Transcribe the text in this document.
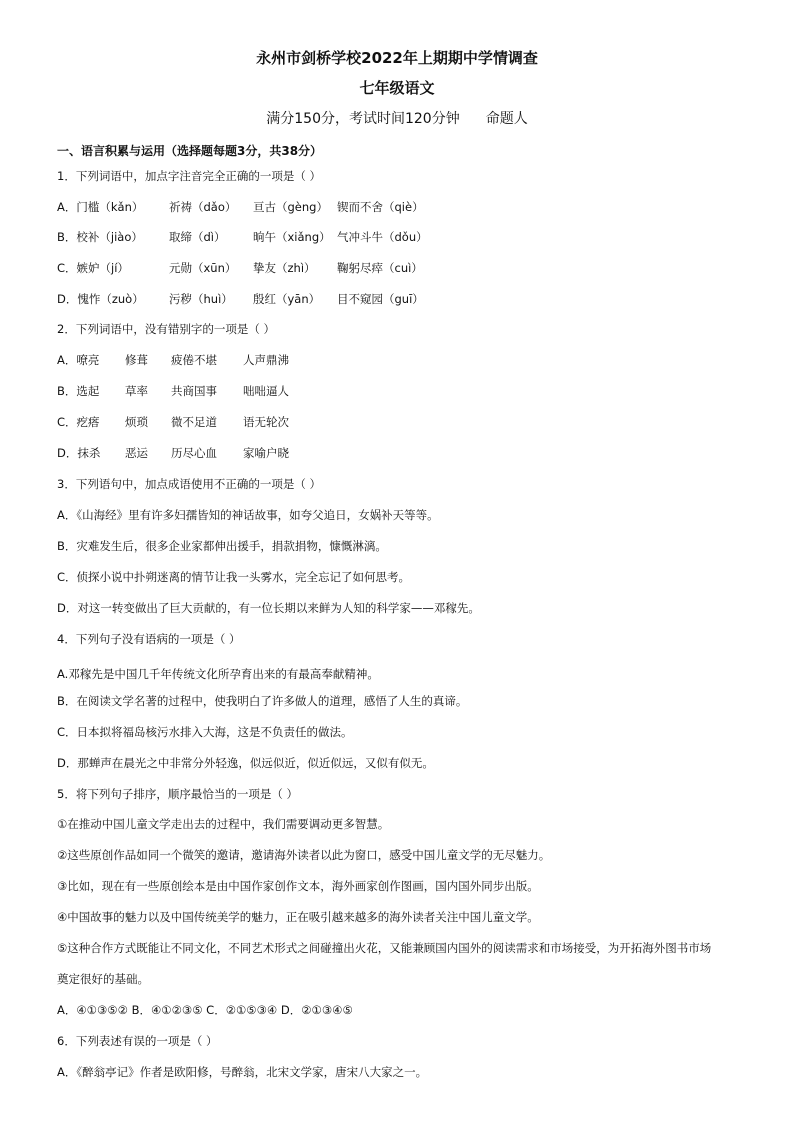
永州市剑桥学校2022年上期期中学情调查
七年级语文
满分150分，考试时间120分钟 命题人
一、语言积累与运用（选择题每题3分，共38分）
1．下列词语中，加点字注音完全正确的一项是（ ）
A．门槛（kǎn） 祈祷（dǎo） 亘古（gèng） 锲而不舍（qiè）
B．校补（jiào） 取缔（dì） 晌午（xiǎng） 气冲斗牛（dǒu）
C．嫉妒（jí）	元勋（xūn） 挚友（zhì） 鞠躬尽瘁（cuì）
D．愧怍（zuò） 污秽（huì） 殷红（yān） 目不窥园（guī）
2．下列词语中，没有错别字的一项是（ ）
A．嘹亮 修葺 疲倦不堪 人声鼎沸
B．选起 草率 共商国事 咄咄逼人
C．疙瘩 烦琐 微不足道 语无轮次
D．抹杀 恶运 历尽心血 家喻户晓
3．下列语句中，加点成语使用不正确的一项是（ ）
A．《山海经》里有许多妇孺皆知的神话故事，如夸父追日，女娲补天等等。
B．灾难发生后，很多企业家都伸出援手，捐款捐物，慷慨淋漓。
C．侦探小说中扑朔迷离的情节让我一头雾水，完全忘记了如何思考。
D．对这一转变做出了巨大贡献的，有一位长期以来鲜为人知的科学家——邓稼先。
4．下列句子没有语病的一项是（ ）
A.邓稼先是中国几千年传统文化所孕育出来的有最高奉献精神。
B．在阅读文学名著的过程中，使我明白了许多做人的道理，感悟了人生的真谛。
C．日本拟将福岛核污水排入大海，这是不负责任的做法。
D．那蝉声在晨光之中非常分外轻逸，似远似近，似近似远，又似有似无。
5．将下列句子排序，顺序最恰当的一项是（ ）
①在推动中国儿童文学走出去的过程中，我们需要调动更多智慧。
②这些原创作品如同一个微笑的邀请，邀请海外读者以此为窗口，感受中国儿童文学的无尽魅力。
③比如，现在有一些原创绘本是由中国作家创作文本，海外画家创作图画，国内国外同步出版。
④中国故事的魅力以及中国传统美学的魅力，正在吸引越来越多的海外读者关注中国儿童文学。
⑤这种合作方式既能让不同文化，不同艺术形式之间碰撞出火花，又能兼顾国内国外的阅读需求和市场接受，为开拓海外图书市场
奠定很好的基础。
A．④①③⑤② B．④①②③⑤ C．②①⑤③④ D．②①③④⑤
6．下列表述有误的一项是（ ）
A．《醉翁亭记》作者是欧阳修，号醉翁，北宋文学家，唐宋八大家之一。
